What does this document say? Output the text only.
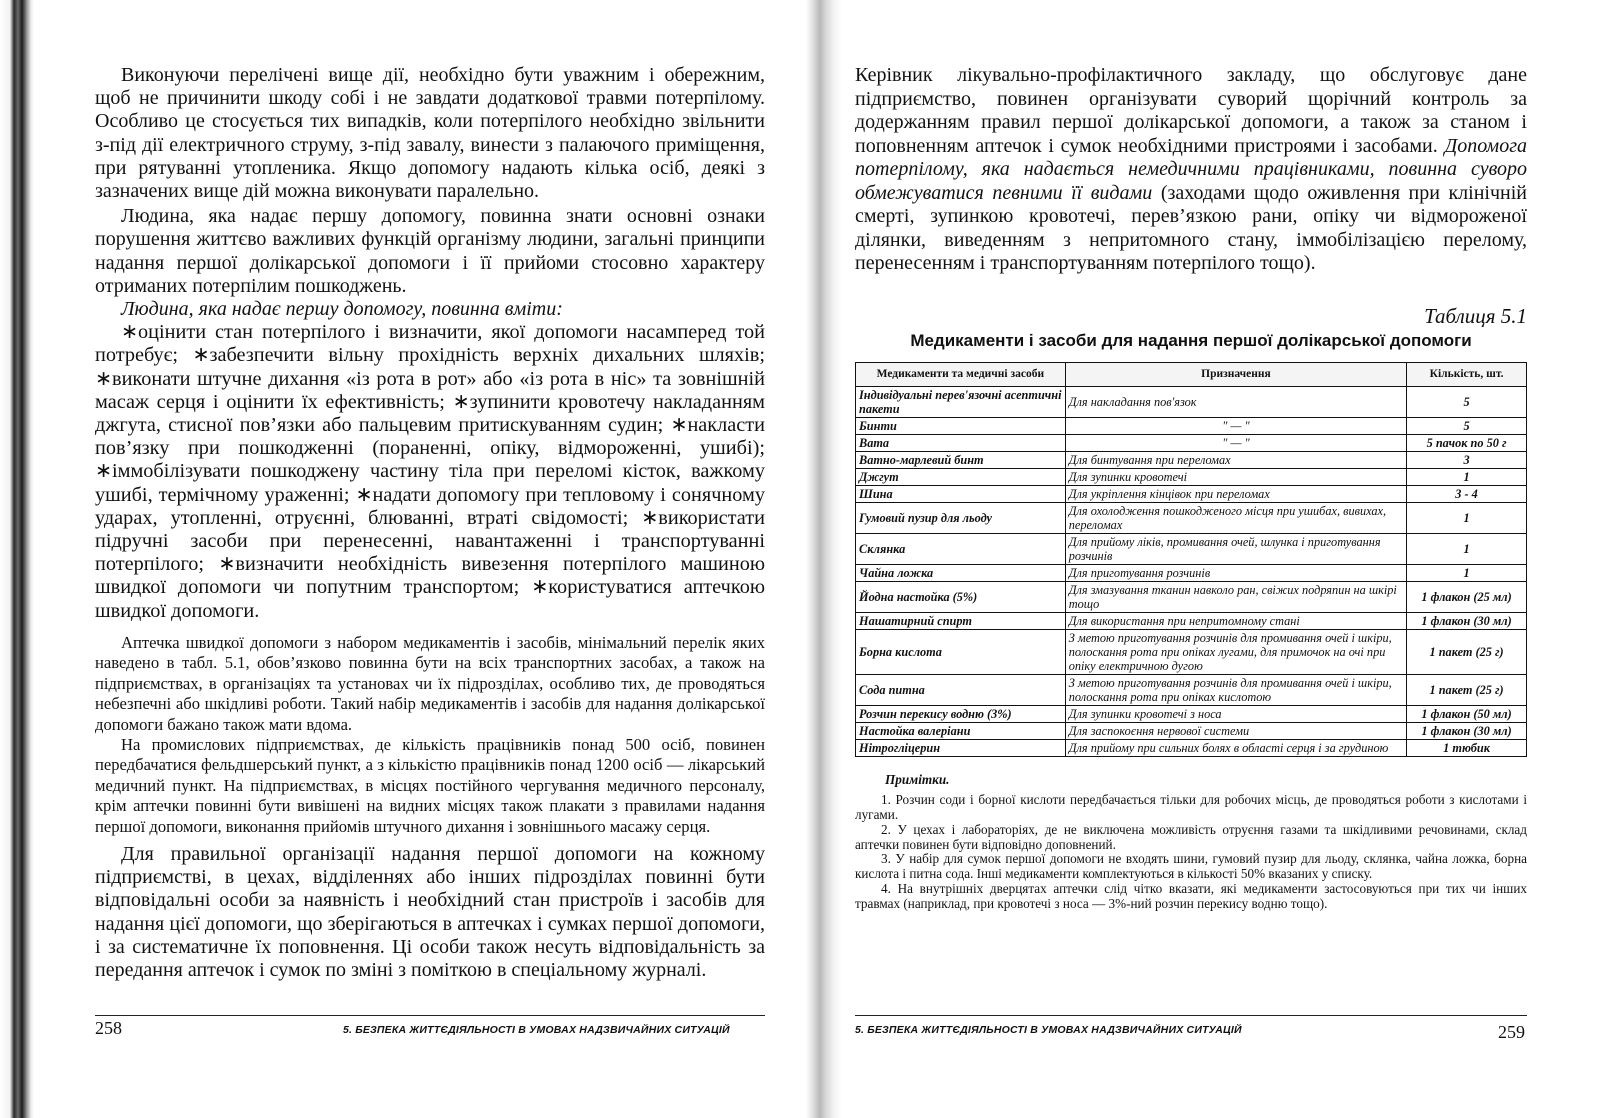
Виконуючи перелічені вище дії, необхідно бути уважним і обережним, щоб не причинити шкоду собі і не завдати додаткової травми потерпілому. Особливо це стосується тих випадків, коли потерпілого необхідно звільнити з-під дії електричного струму, з-під завалу, винести з палаючого приміщення, при рятуванні утопленика. Якщо допомогу надають кілька осіб, деякі з зазначених вище дій можна виконувати паралельно.

Людина, яка надає першу допомогу, повинна знати основні ознаки порушення життєво важливих функцій організму людини, загальні принципи надання першої долікарської допомоги і її прийоми стосовно характеру отриманих потерпілим пошкоджень.

Людина, яка надає першу допомогу, повинна вміти:

∗оцінити стан потерпілого і визначити, якої допомоги насамперед той потребує; ∗забезпечити вільну прохідність верхніх дихальних шляхів; ∗виконати штучне дихання «із рота в рот» або «із рота в ніс» та зовнішній масаж серця і оцінити їх ефективність; ∗зупинити кровотечу накладанням джгута, стисної пов’язки або пальцевим притискуванням судин; ∗накласти пов’язку при пошкодженні (пораненні, опіку, відмороженні, ушибі); ∗іммобілізувати пошкоджену частину тіла при переломі кісток, важкому ушибі, термічному ураженні; ∗надати допомогу при тепловому і сонячному ударах, утопленні, отруєнні, блюванні, втраті свідомості; ∗використати підручні засоби при перенесенні, навантаженні і транспортуванні потерпілого; ∗визначити необхідність вивезення потерпілого машиною швидкої допомоги чи попутним транспортом; ∗користуватися аптечкою швидкої допомоги.

Аптечка швидкої допомоги з набором медикаментів і засобів, мінімальний перелік яких наведено в табл. 5.1, обов’язково повинна бути на всіх транспортних засобах, а також на підприємствах, в організаціях та установах чи їх підрозділах, особливо тих, де проводяться небезпечні або шкідливі роботи. Такий набір медикаментів і засобів для надання долікарської допомоги бажано також мати вдома.

На промислових підприємствах, де кількість працівників понад 500 осіб, повинен передбачатися фельдшерський пункт, а з кількістю працівників понад 1200 осіб — лікарський медичний пункт. На підприємствах, в місцях постійного чергування медичного персоналу, крім аптечки повинні бути вивішені на видних місцях також плакати з правилами надання першої допомоги, виконання прийомів штучного дихання і зовнішнього масажу серця.

Для правильної організації надання першої допомоги на кожному підприємстві, в цехах, відділеннях або інших підрозділах повинні бути відповідальні особи за наявність і необхідний стан пристроїв і засобів для надання цієї допомоги, що зберігаються в аптечках і сумках першої допомоги, і за систематичне їх поповнення. Ці особи також несуть відповідальність за передання аптечок і сумок по зміні з поміткою в спеціальному журналі.

258	5. БЕЗПЕКА ЖИТТЄДІЯЛЬНОСТІ В УМОВАХ НАДЗВИЧАЙНИХ СИТУАЦІЙ

Керівник лікувально-профілактичного закладу, що обслуговує дане підприємство, повинен організувати суворий щорічний контроль за додержанням правил першої долікарської допомоги, а також за станом і поповненням аптечок і сумок необхідними пристроями і засобами. Допомога потерпілому, яка надається немедичними працівниками, повинна суворо обмежуватися певними її видами (заходами щодо оживлення при клінічній смерті, зупинкою кровотечі, перев’язкою рани, опіку чи відмороженої ділянки, виведенням з непритомного стану, іммобілізацією перелому, перенесенням і транспортуванням потерпілого тощо).

Таблиця 5.1
Медикаменти і засоби для надання першої долікарської допомоги
Медикаменти та медичні засоби	Призначення	Кількість, шт.
Індивідуальні перев'язочні асептичні пакети	Для накладання пов'язок	5
Бинти	" — "	5
Вата	" — "	5 пачок по 50 г
Ватно-марлевий бинт	Для бинтування при переломах	3
Джгут	Для зупинки кровотечі	1
Шина	Для укріплення кінцівок при переломах	3 - 4
Гумовий пузир для льоду	Для охолодження пошкодженого місця при ушибах, вивихах, переломах	1
Склянка	Для прийому ліків, промивання очей, шлунка і приготування розчинів	1
Чайна ложка	Для приготування розчинів	1
Йодна настойка (5%)	Для змазування тканин навколо ран, свіжих подряпин на шкірі тощо	1 флакон (25 мл)
Нашатирний спирт	Для використання при непритомному стані	1 флакон (30 мл)
Борна кислота	З метою приготування розчинів для промивання очей і шкіри, полоскання рота при опіках лугами, для примочок на очі при опіку електричною дугою	1 пакет (25 г)
Сода питна	З метою приготування розчинів для промивання очей і шкіри, полоскання рота при опіках кислотою	1 пакет (25 г)
Розчин перекису водню (3%)	Для зупинки кровотечі з носа	1 флакон (50 мл)
Настойка валеріани	Для заспокоєння нервової системи	1 флакон (30 мл)
Нітрогліцерин	Для прийому при сильних болях в області серця і за грудиною	1 тюбик
Примітки.

1. Розчин соди і борної кислоти передбачається тільки для робочих місць, де проводяться роботи з кислотами і лугами.

2. У цехах і лабораторіях, де не виключена можливість отруєння газами та шкідливими речовинами, склад аптечки повинен бути відповідно доповнений.

3. У набір для сумок першої допомоги не входять шини, гумовий пузир для льоду, склянка, чайна ложка, борна кислота і питна сода. Інші медикаменти комплектуються в кількості 50% вказаних у списку.

4. На внутрішніх дверцятах аптечки слід чітко вказати, які медикаменти застосовуються при тих чи інших травмах (наприклад, при кровотечі з носа — 3%-ний розчин перекису водню тощо).

5. БЕЗПЕКА ЖИТТЄДІЯЛЬНОСТІ В УМОВАХ НАДЗВИЧАЙНИХ СИТУАЦІЙ	259
